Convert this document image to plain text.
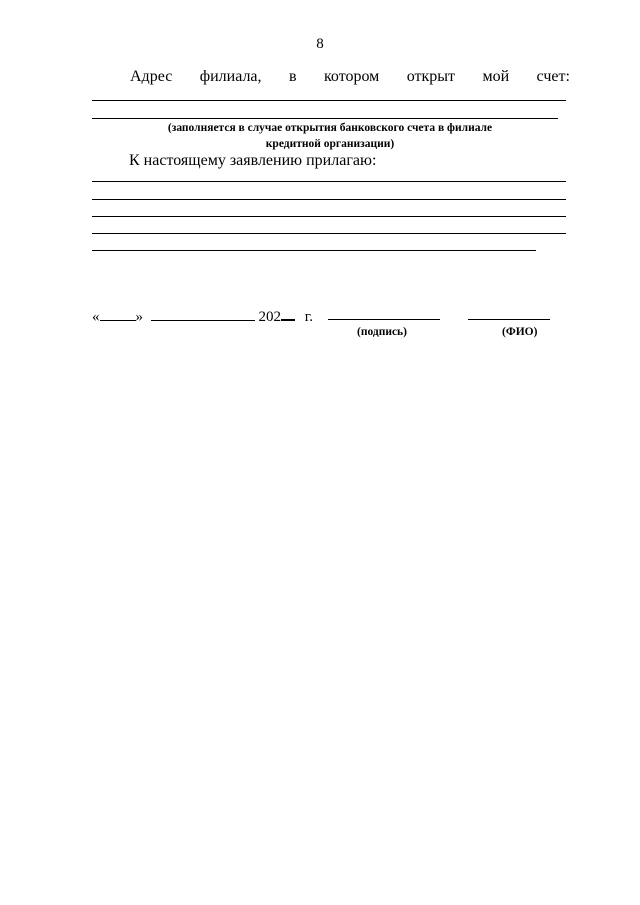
8
Адрес филиала, в котором открыт мой счет:
(заполняется в случае открытия банковского счета в филиале
кредитной организации)
К настоящему заявлению прилагаю:
« »	202 г.
(подпись)	(ФИО)
